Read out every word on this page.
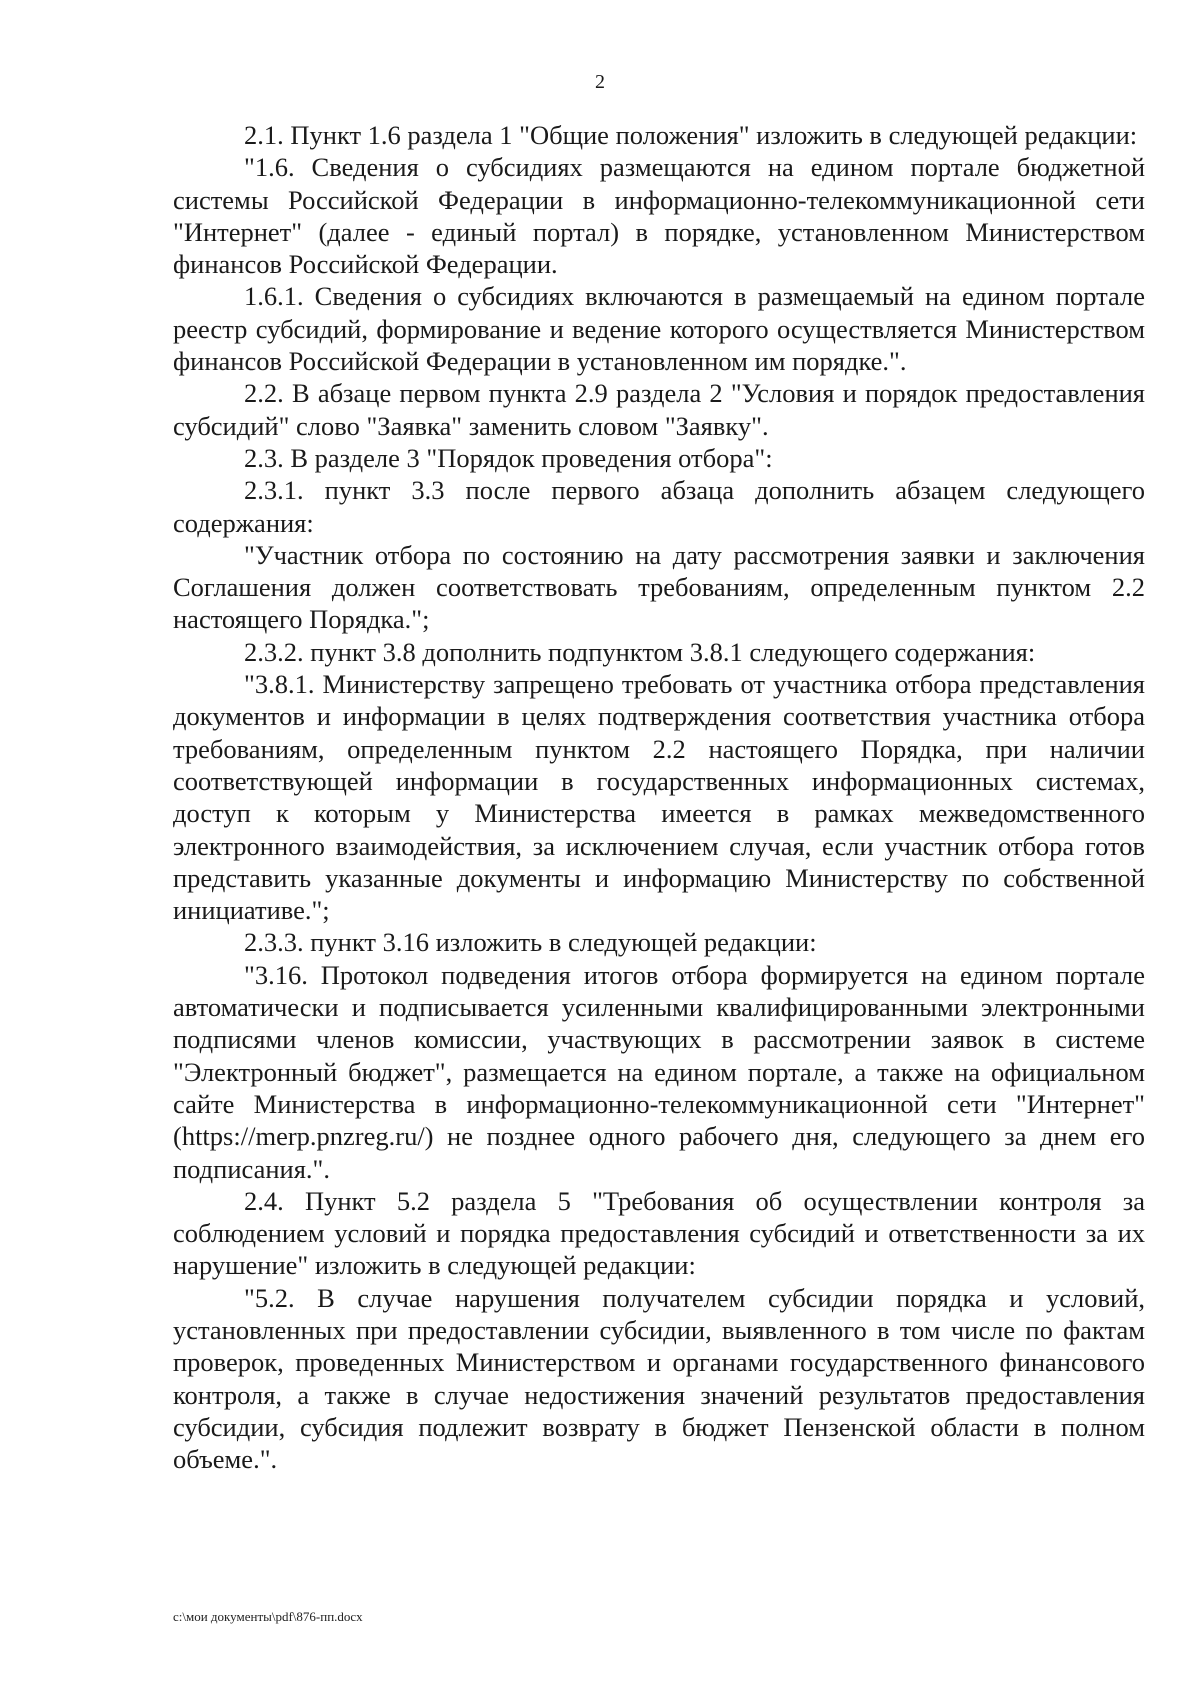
2

2.1. Пункт 1.6 раздела 1 "Общие положения" изложить в следующей редакции:

"1.6. Сведения о субсидиях размещаются на едином портале бюджетной системы Российской Федерации в информационно-телекоммуникационной сети "Интернет" (далее - единый портал) в порядке, установленном Министерством финансов Российской Федерации.

1.6.1. Сведения о субсидиях включаются в размещаемый на едином портале реестр субсидий, формирование и ведение которого осуществляется Министерством финансов Российской Федерации в установленном им порядке.".

2.2. В абзаце первом пункта 2.9 раздела 2 "Условия и порядок предоставления субсидий" слово "Заявка" заменить словом "Заявку".

2.3. В разделе 3 "Порядок проведения отбора":

2.3.1. пункт 3.3 после первого абзаца дополнить абзацем следующего содержания:

"Участник отбора по состоянию на дату рассмотрения заявки и заключения Соглашения должен соответствовать требованиям, определенным пунктом 2.2 настоящего Порядка.";

2.3.2. пункт 3.8 дополнить подпунктом 3.8.1 следующего содержания:

"3.8.1. Министерству запрещено требовать от участника отбора представления документов и информации в целях подтверждения соответствия участника отбора требованиям, определенным пунктом 2.2 настоящего Порядка, при наличии соответствующей информации в государственных информационных системах, доступ к которым у Министерства имеется в рамках межведомственного электронного взаимодействия, за исключением случая, если участник отбора готов представить указанные документы и информацию Министерству по собственной инициативе.";

2.3.3. пункт 3.16 изложить в следующей редакции:

"3.16. Протокол подведения итогов отбора формируется на едином портале автоматически и подписывается усиленными квалифицированными электронными подписями членов комиссии, участвующих в рассмотрении заявок в системе "Электронный бюджет", размещается на едином портале, а также на официальном сайте Министерства в информационно-телекоммуникационной сети "Интернет" (https://merp.pnzreg.ru/) не позднее одного рабочего дня, следующего за днем его подписания.".

2.4. Пункт 5.2 раздела 5 "Требования об осуществлении контроля за соблюдением условий и порядка предоставления субсидий и ответственности за их нарушение" изложить в следующей редакции:

"5.2. В случае нарушения получателем субсидии порядка и условий, установленных при предоставлении субсидии, выявленного в том числе по фактам проверок, проведенных Министерством и органами государственного финансового контроля, а также в случае недостижения значений результатов предоставления субсидии, субсидия подлежит возврату в бюджет Пензенской области в полном объеме.".

c:\мои документы\pdf\876-пп.docx
